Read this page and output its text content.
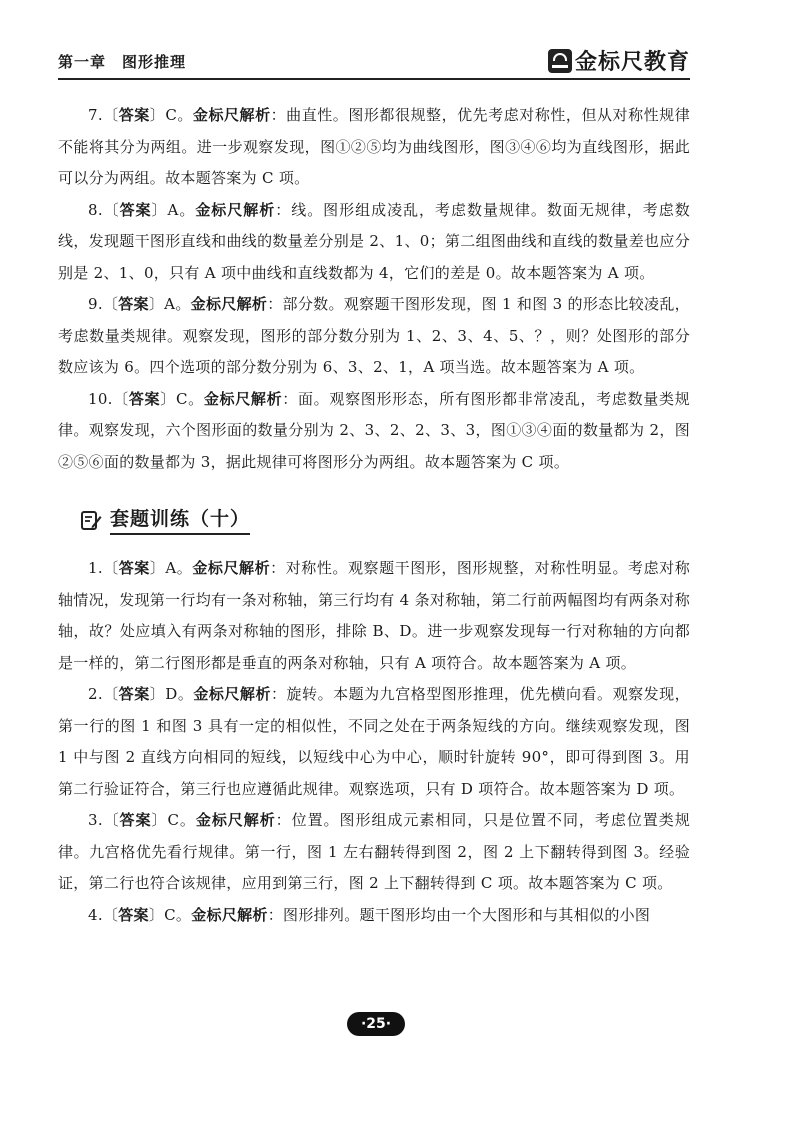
第一章　图形推理	金标尺教育

7.〔答案〕C。金标尺解析：曲直性。图形都很规整，优先考虑对称性，但从对称性规律不能将其分为两组。进一步观察发现，图①②⑤均为曲线图形，图③④⑥均为直线图形，据此可以分为两组。故本题答案为 C 项。

8.〔答案〕A。金标尺解析：线。图形组成凌乱，考虑数量规律。数面无规律，考虑数线，发现题干图形直线和曲线的数量差分别是 2、1、0；第二组图曲线和直线的数量差也应分别是 2、1、0，只有 A 项中曲线和直线数都为 4，它们的差是 0。故本题答案为 A 项。

9.〔答案〕A。金标尺解析：部分数。观察题干图形发现，图 1 和图 3 的形态比较凌乱，考虑数量类规律。观察发现，图形的部分数分别为 1、2、3、4、5、？，则？处图形的部分数应该为 6。四个选项的部分数分别为 6、3、2、1，A 项当选。故本题答案为 A 项。

10.〔答案〕C。金标尺解析：面。观察图形形态，所有图形都非常凌乱，考虑数量类规律。观察发现，六个图形面的数量分别为 2、3、2、2、3、3，图①③④面的数量都为 2，图②⑤⑥面的数量都为 3，据此规律可将图形分为两组。故本题答案为 C 项。

套题训练（十）

1.〔答案〕A。金标尺解析：对称性。观察题干图形，图形规整，对称性明显。考虑对称轴情况，发现第一行均有一条对称轴，第三行均有 4 条对称轴，第二行前两幅图均有两条对称轴，故？处应填入有两条对称轴的图形，排除 B、D。进一步观察发现每一行对称轴的方向都是一样的，第二行图形都是垂直的两条对称轴，只有 A 项符合。故本题答案为 A 项。

2.〔答案〕D。金标尺解析：旋转。本题为九宫格型图形推理，优先横向看。观察发现，第一行的图 1 和图 3 具有一定的相似性，不同之处在于两条短线的方向。继续观察发现，图 1 中与图 2 直线方向相同的短线，以短线中心为中心，顺时针旋转 90°，即可得到图 3。用第二行验证符合，第三行也应遵循此规律。观察选项，只有 D 项符合。故本题答案为 D 项。

3.〔答案〕C。金标尺解析：位置。图形组成元素相同，只是位置不同，考虑位置类规律。九宫格优先看行规律。第一行，图 1 左右翻转得到图 2，图 2 上下翻转得到图 3。经验证，第二行也符合该规律，应用到第三行，图 2 上下翻转得到 C 项。故本题答案为 C 项。

4.〔答案〕C。金标尺解析：图形排列。题干图形均由一个大图形和与其相似的小图

·25·
